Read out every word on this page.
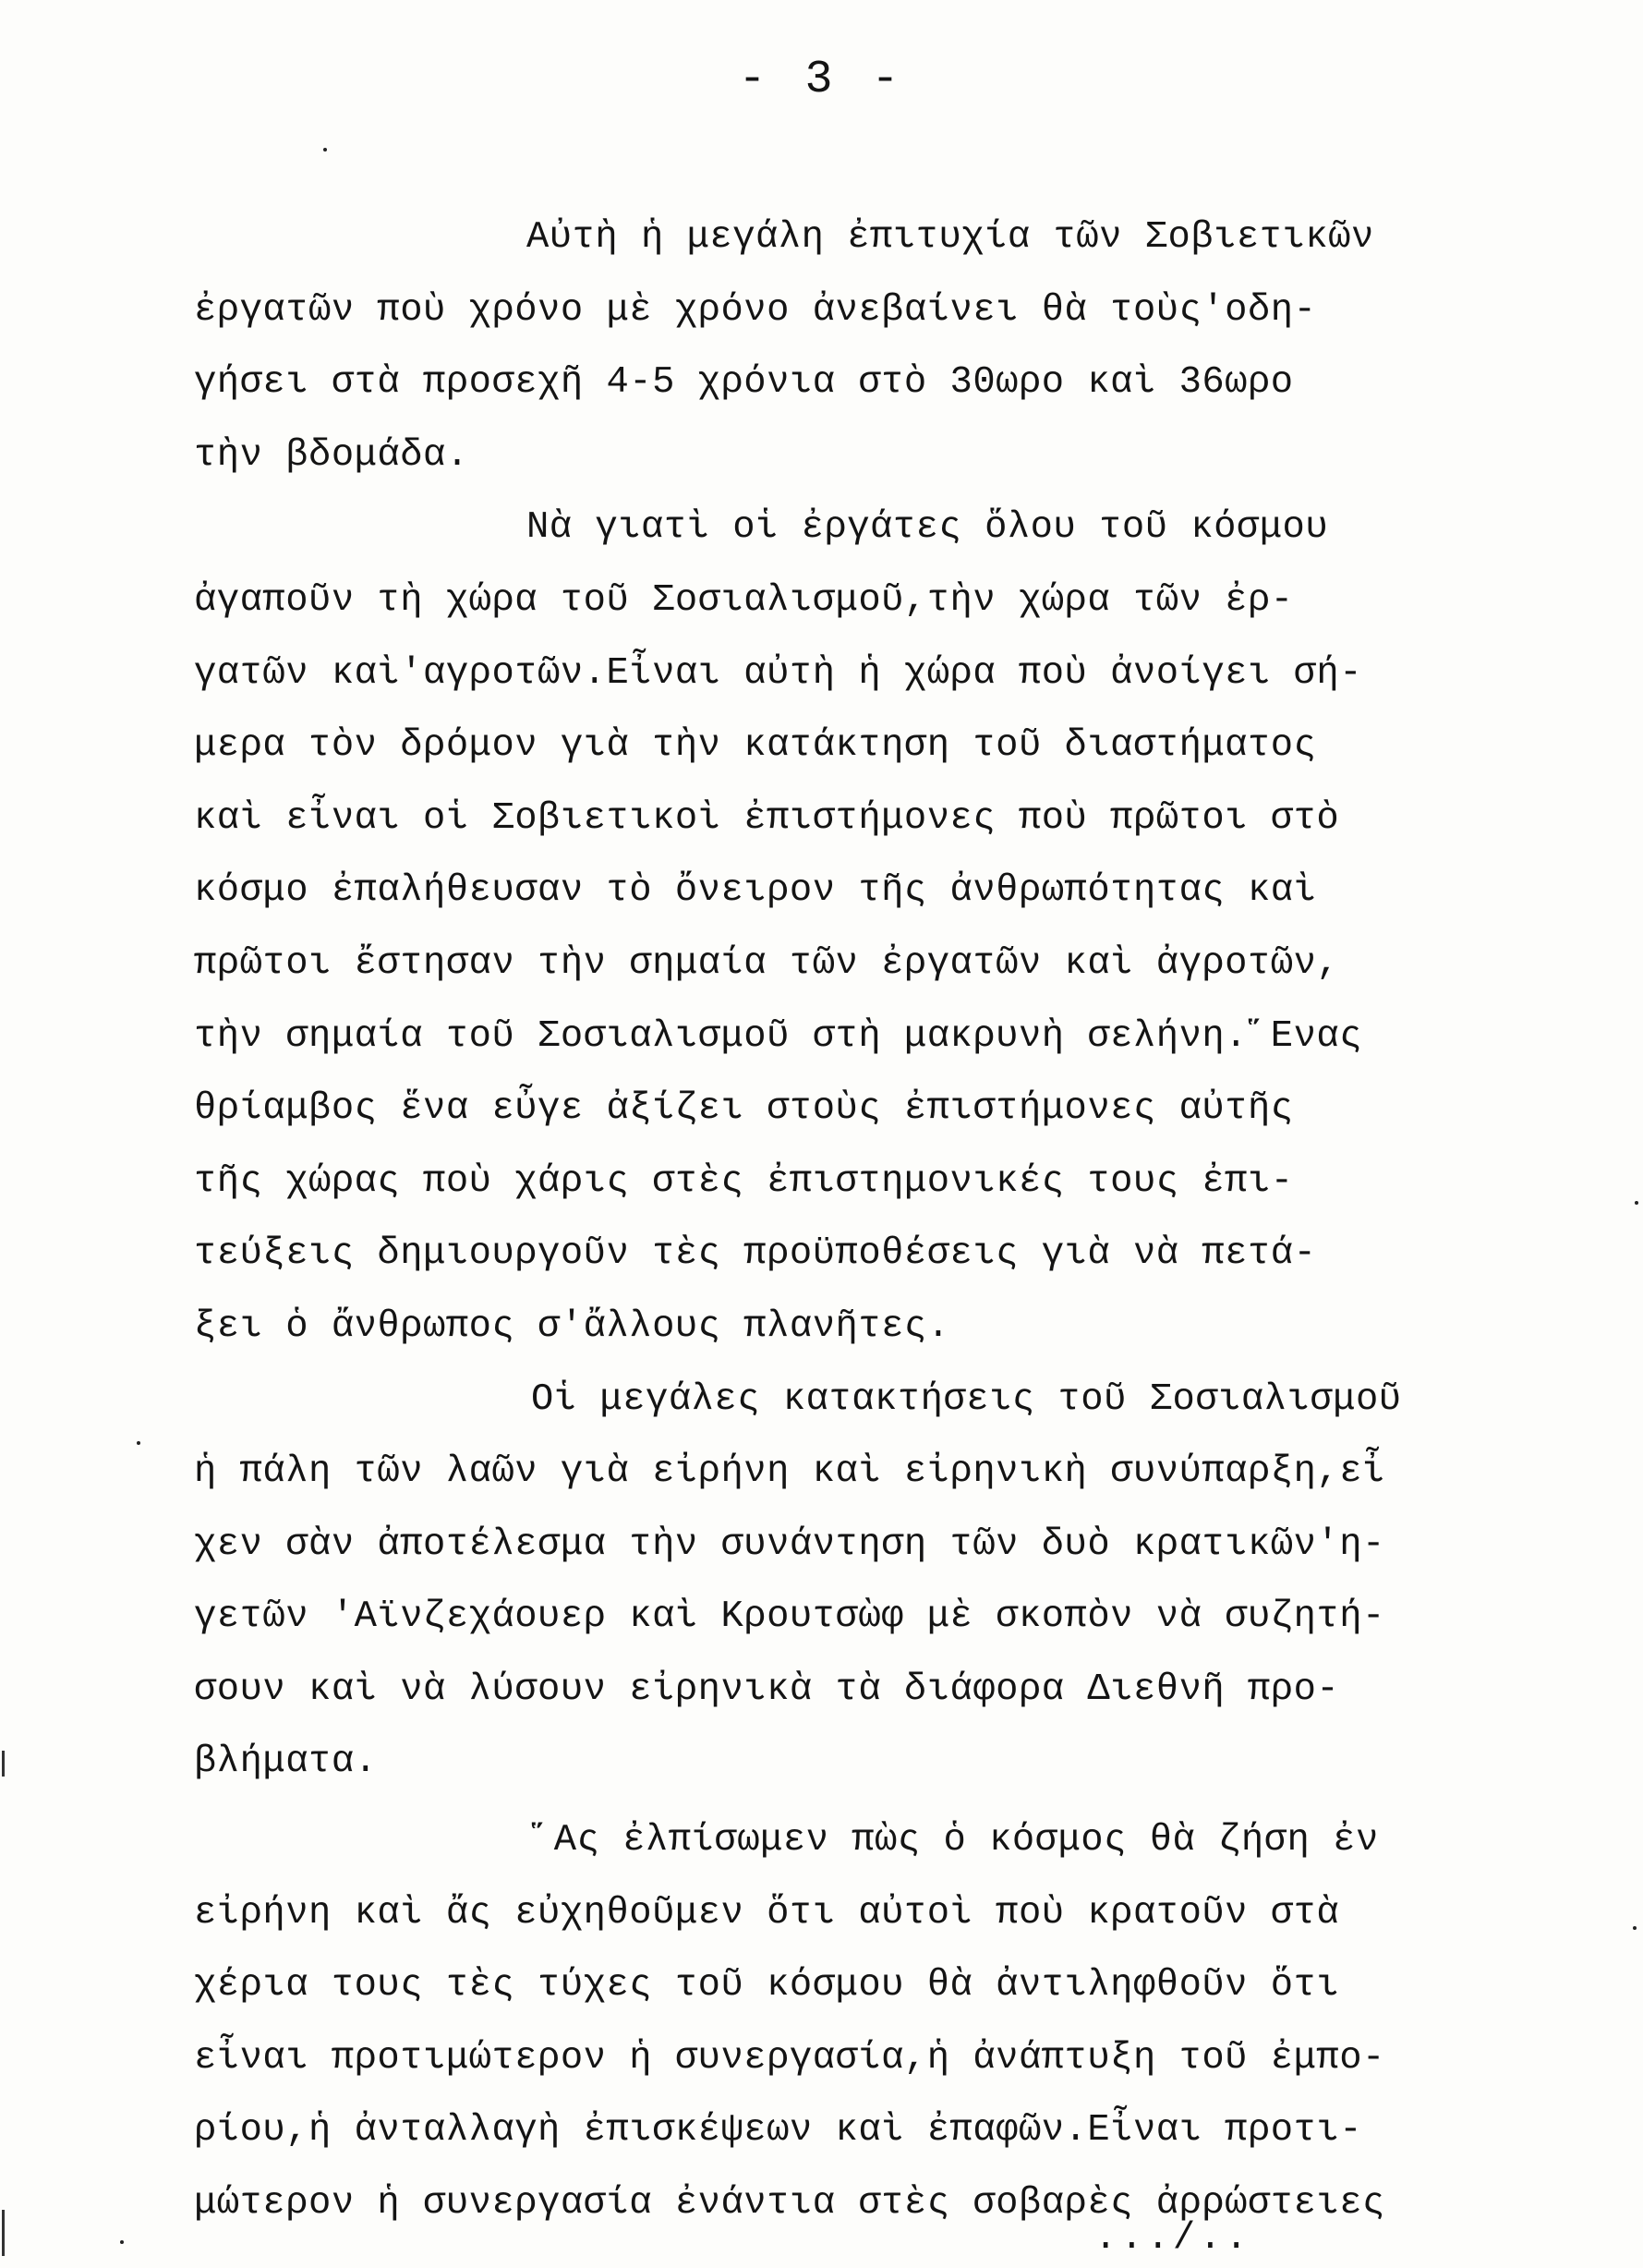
- 3 -
Αὐτὴ ἡ μεγάλη ἐπιτυχία τῶν Σοβιετικῶν
ἐργατῶν ποὺ χρόνο μὲ χρόνο ἀνεβαίνει θὰ τοὺς'οδη-
γήσει στὰ προσεχῆ 4-5 χρόνια στὸ 30ωρο καὶ 36ωρο
τὴν βδομάδα.
Νὰ γιατὶ οἱ ἐργάτες ὅλου τοῦ κόσμου
ἀγαποῦν τὴ χώρα τοῦ Σοσιαλισμοῦ,τὴν χώρα τῶν ἐρ-
γατῶν καὶ'αγροτῶν.Εἶναι αὐτὴ ἡ χώρα ποὺ ἀνοίγει σή-
μερα τὸν δρόμον γιὰ τὴν κατάκτηση τοῦ διαστήματος
καὶ εἶναι οἱ Σοβιετικοὶ ἐπιστήμονες ποὺ πρῶτοι στὸ
κόσμο ἐπαλήθευσαν τὸ ὄνειρον τῆς ἀνθρωπότητας καὶ
πρῶτοι ἔστησαν τὴν σημαία τῶν ἐργατῶν καὶ ἀγροτῶν,
τὴν σημαία τοῦ Σοσιαλισμοῦ στὴ μακρυνὴ σελήνη.῞Ενας
θρίαμβος ἕνα εὖγε ἀξίζει στοὺς ἐπιστήμονες αὐτῆς
τῆς χώρας ποὺ χάρις στὲς ἐπιστημονικές τους ἐπι-
τεύξεις δημιουργοῦν τὲς προϋποθέσεις γιὰ νὰ πετά-
ξει ὁ ἄνθρωπος σ'ἄλλους πλανῆτες.
Οἱ μεγάλες κατακτήσεις τοῦ Σοσιαλισμοῦ
ἡ πάλη τῶν λαῶν γιὰ εἰρήνη καὶ εἰρηνικὴ συνύπαρξη,εἶ
χεν σὰν ἀποτέλεσμα τὴν συνάντηση τῶν δυὸ κρατικῶν'η-
γετῶν 'Αϊνζεχάουερ καὶ Κρουτσὼφ μὲ σκοπὸν νὰ συζητή-
σουν καὶ νὰ λύσουν εἰρηνικὰ τὰ διάφορα Διεθνῆ προ-
βλήματα.
῞Ας ἐλπίσωμεν πὼς ὁ κόσμος θὰ ζήση ἐν
εἰρήνη καὶ ἄς εὐχηθοῦμεν ὅτι αὐτοὶ ποὺ κρατοῦν στὰ
χέρια τους τὲς τύχες τοῦ κόσμου θὰ ἀντιληφθοῦν ὅτι
εἶναι προτιμώτερον ἡ συνεργασία,ἡ ἀνάπτυξη τοῦ ἐμπο-
ρίου,ἡ ἀνταλλαγὴ ἐπισκέψεων καὶ ἐπαφῶν.Εἶναι προτι-
μώτερον ἡ συνεργασία ἐνάντια στὲς σοβαρὲς ἀρρώστειες
.../..
